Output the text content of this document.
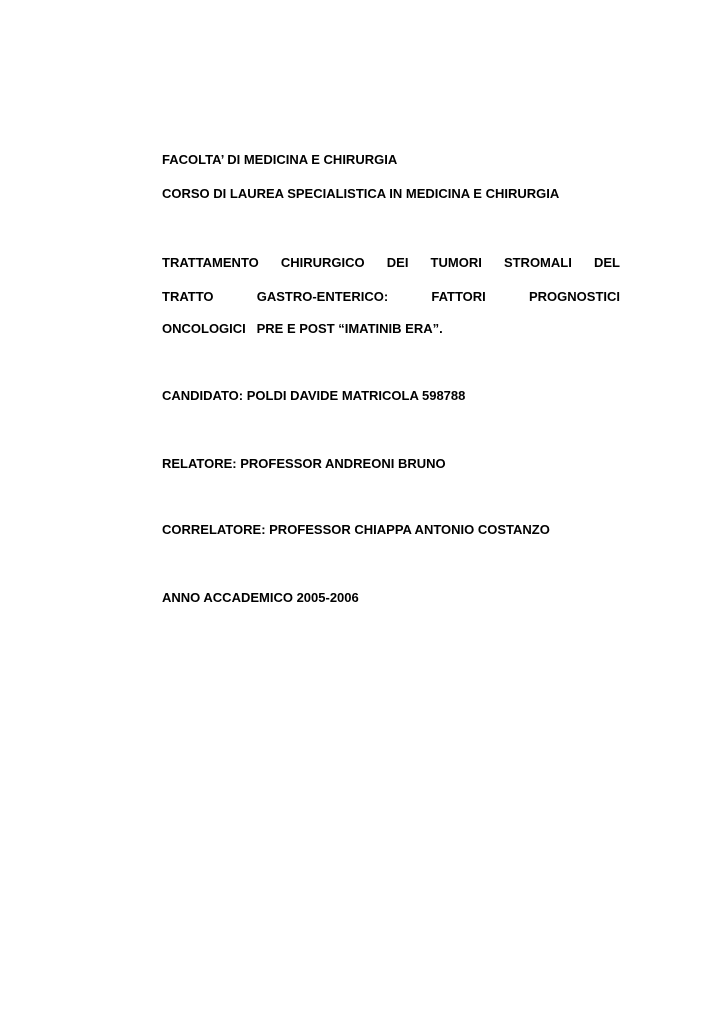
FACOLTA’ DI MEDICINA E CHIRURGIA
CORSO DI LAUREA SPECIALISTICA IN MEDICINA E CHIRURGIA
TRATTAMENTO CHIRURGICO DEI TUMORI STROMALI DEL
TRATTO	GASTRO-ENTERICO:	FATTORI	PROGNOSTICI
ONCOLOGICI   PRE E POST “IMATINIB ERA”.
CANDIDATO: POLDI DAVIDE MATRICOLA 598788
RELATORE: PROFESSOR ANDREONI BRUNO
CORRELATORE: PROFESSOR CHIAPPA ANTONIO COSTANZO
ANNO ACCADEMICO 2005-2006
